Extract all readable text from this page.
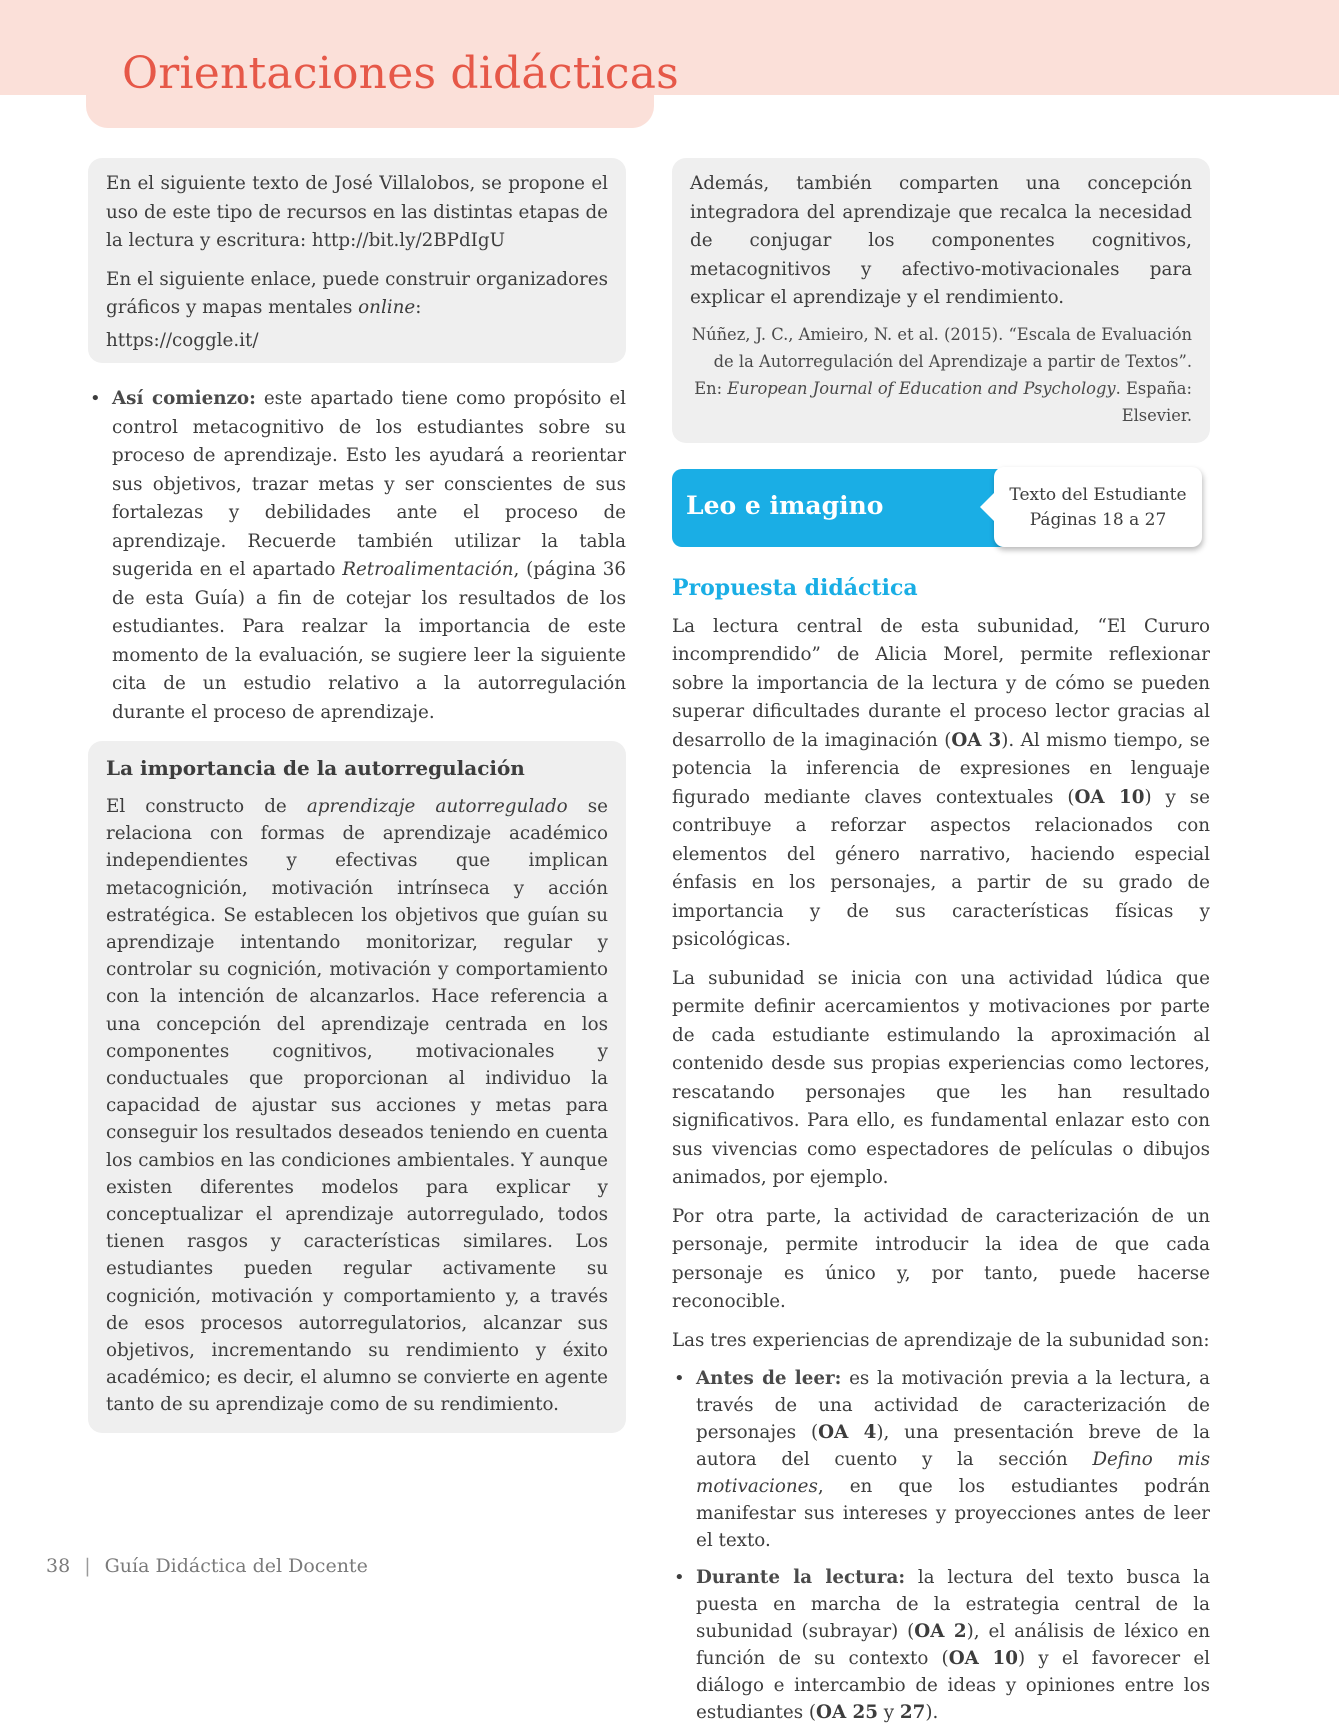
Orientaciones didácticas

En el siguiente texto de José Villalobos, se propone el uso de este tipo de recursos en las distintas etapas de la lectura y escritura: http://bit.ly/2BPdIgU

En el siguiente enlace, puede construir organizadores gráficos y mapas mentales online:

https://coggle.it/

• Así comienzo: este apartado tiene como propósito el control metacognitivo de los estudiantes sobre su proceso de aprendizaje. Esto les ayudará a reorientar sus objetivos, trazar metas y ser conscientes de sus fortalezas y debilidades ante el proceso de aprendizaje. Recuerde también utilizar la tabla sugerida en el apartado Retroalimentación, (página 36 de esta Guía) a fin de cotejar los resultados de los estudiantes. Para realzar la importancia de este momento de la evaluación, se sugiere leer la siguiente cita de un estudio relativo a la autorregulación durante el proceso de aprendizaje.
La importancia de la autorregulación

El constructo de aprendizaje autorregulado se relaciona con formas de aprendizaje académico independientes y efectivas que implican metacognición, motivación intrínseca y acción estratégica. Se establecen los objetivos que guían su aprendizaje intentando monitorizar, regular y controlar su cognición, motivación y comportamiento con la intención de alcanzarlos. Hace referencia a una concepción del aprendizaje centrada en los componentes cognitivos, motivacionales y conductuales que proporcionan al individuo la capacidad de ajustar sus acciones y metas para conseguir los resultados deseados teniendo en cuenta los cambios en las condiciones ambientales. Y aunque existen diferentes modelos para explicar y conceptualizar el aprendizaje autorregulado, todos tienen rasgos y características similares. Los estudiantes pueden regular activamente su cognición, motivación y comportamiento y, a través de esos procesos autorregulatorios, alcanzar sus objetivos, incrementando su rendimiento y éxito académico; es decir, el alumno se convierte en agente tanto de su aprendizaje como de su rendimiento.

Además, también comparten una concepción integradora del aprendizaje que recalca la necesidad de conjugar los componentes cognitivos, metacognitivos y afectivo-motivacionales para explicar el aprendizaje y el rendimiento.

Núñez, J. C., Amieiro, N. et al. (2015). “Escala de Evaluación de la Autorregulación del Aprendizaje a partir de Textos”. En: European Journal of Education and Psychology. España: Elsevier.

Leo e imagino	Texto del Estudiante
Páginas 18 a 27
Propuesta didáctica

La lectura central de esta subunidad, “El Cururo incomprendido” de Alicia Morel, permite reflexionar sobre la importancia de la lectura y de cómo se pueden superar dificultades durante el proceso lector gracias al desarrollo de la imaginación (OA 3). Al mismo tiempo, se potencia la inferencia de expresiones en lenguaje figurado mediante claves contextuales (OA 10) y se contribuye a reforzar aspectos relacionados con elementos del género narrativo, haciendo especial énfasis en los personajes, a partir de su grado de importancia y de sus características físicas y psicológicas.

La subunidad se inicia con una actividad lúdica que permite definir acercamientos y motivaciones por parte de cada estudiante estimulando la aproximación al contenido desde sus propias experiencias como lectores, rescatando personajes que les han resultado significativos. Para ello, es fundamental enlazar esto con sus vivencias como espectadores de películas o dibujos animados, por ejemplo.

Por otra parte, la actividad de caracterización de un personaje, permite introducir la idea de que cada personaje es único y, por tanto, puede hacerse reconocible.

Las tres experiencias de aprendizaje de la subunidad son:

• Antes de leer: es la motivación previa a la lectura, a través de una actividad de caracterización de personajes (OA 4), una presentación breve de la autora del cuento y la sección Defino mis motivaciones, en que los estudiantes podrán manifestar sus intereses y proyecciones antes de leer el texto.
• Durante la lectura: la lectura del texto busca la puesta en marcha de la estrategia central de la subunidad (subrayar) (OA 2), el análisis de léxico en función de su contexto (OA 10) y el favorecer el diálogo e intercambio de ideas y opiniones entre los estudiantes (OA 25 y 27).
38 | Guía Didáctica del Docente
